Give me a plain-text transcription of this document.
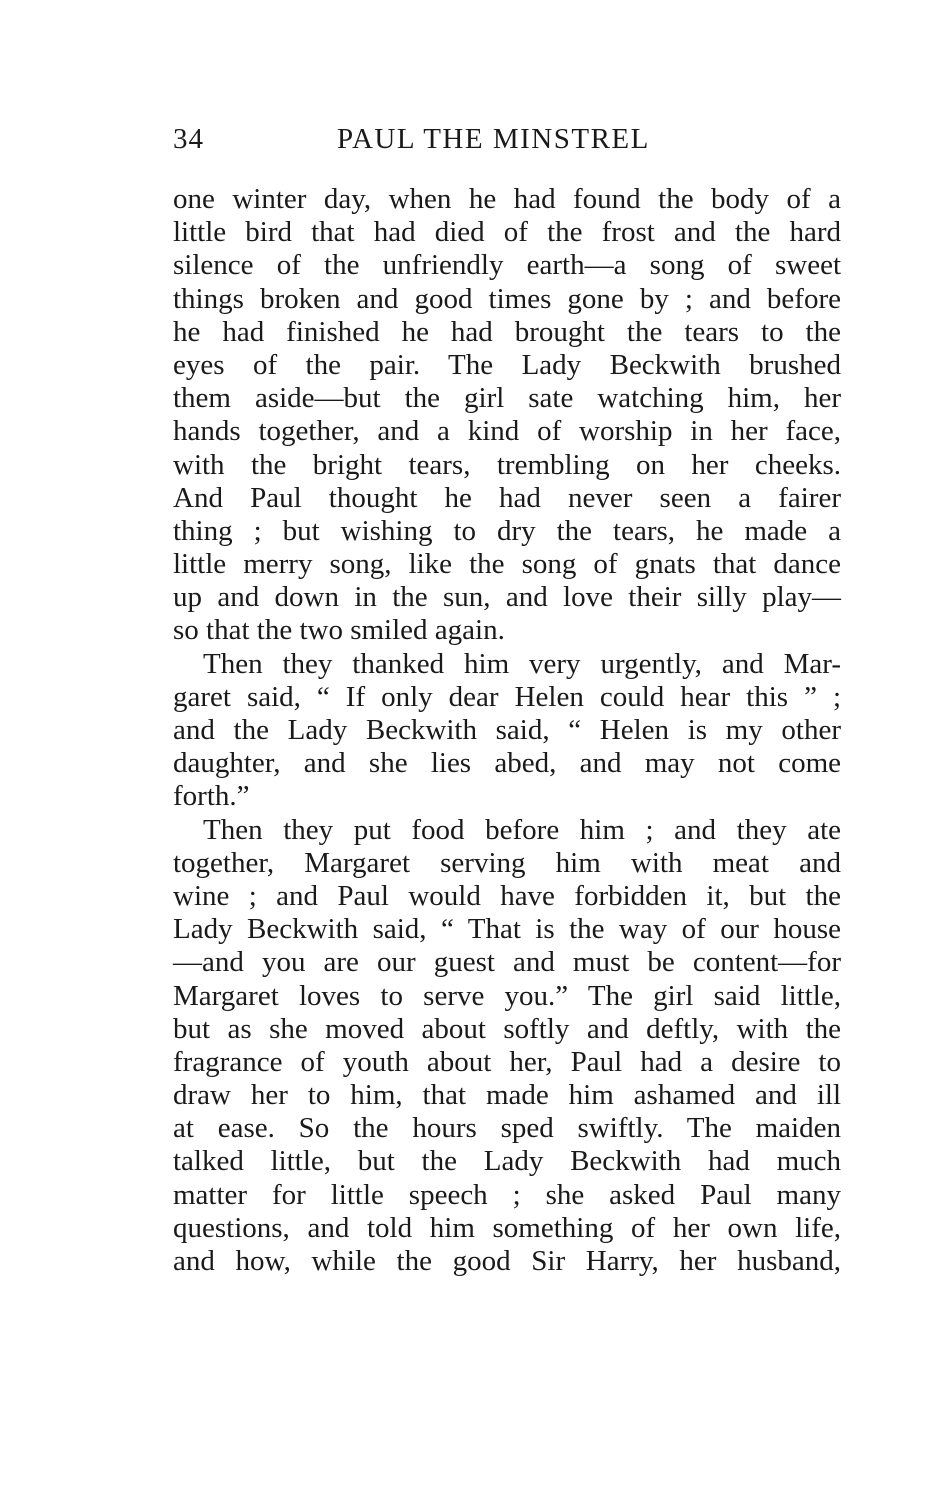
34	PAUL THE MINSTREL
one winter day, when he had found the body of a
little bird that had died of the frost and the hard
silence of the unfriendly earth—a song of sweet
things broken and good times gone by ; and before
he had finished he had brought the tears to the
eyes of the pair. The Lady Beckwith brushed
them aside—but the girl sate watching him, her
hands together, and a kind of worship in her face,
with the bright tears, trembling on her cheeks.
And Paul thought he had never seen a fairer
thing ; but wishing to dry the tears, he made a
little merry song, like the song of gnats that dance
up and down in the sun, and love their silly play—
so that the two smiled again.
Then they thanked him very urgently, and Mar-
garet said, “ If only dear Helen could hear this ” ;
and the Lady Beckwith said, “ Helen is my other
daughter, and she lies abed, and may not come
forth.”
Then they put food before him ; and they ate
together, Margaret serving him with meat and
wine ; and Paul would have forbidden it, but the
Lady Beckwith said, “ That is the way of our house
—and you are our guest and must be content—for
Margaret loves to serve you.” The girl said little,
but as she moved about softly and deftly, with the
fragrance of youth about her, Paul had a desire to
draw her to him, that made him ashamed and ill
at ease. So the hours sped swiftly. The maiden
talked little, but the Lady Beckwith had much
matter for little speech ; she asked Paul many
questions, and told him something of her own life,
and how, while the good Sir Harry, her husband,
